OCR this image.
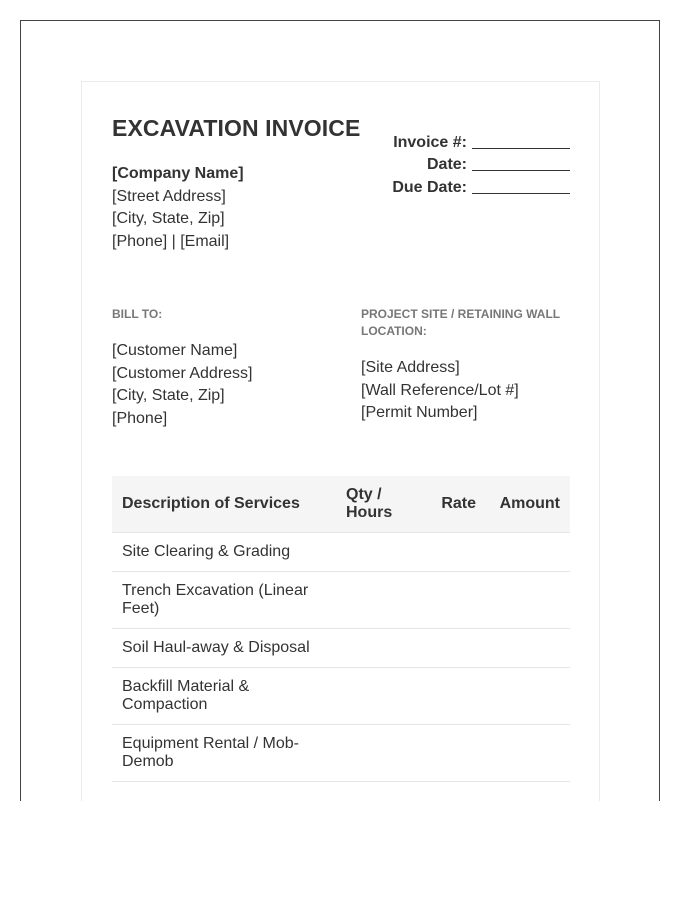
EXCAVATION INVOICE
[Company Name]
[Street Address]
[City, State, Zip]
[Phone] | [Email]
Invoice #:
Date:
Due Date:
BILL TO:
[Customer Name]
[Customer Address]
[City, State, Zip]
[Phone]
PROJECT SITE / RETAINING WALL LOCATION:
[Site Address]
[Wall Reference/Lot #]
[Permit Number]
Description of Services	Qty / Hours	Rate	Amount
Site Clearing & Grading			
Trench Excavation (Linear Feet)			
Soil Haul-away & Disposal			
Backfill Material & Compaction			
Equipment Rental / Mob-Demob			
